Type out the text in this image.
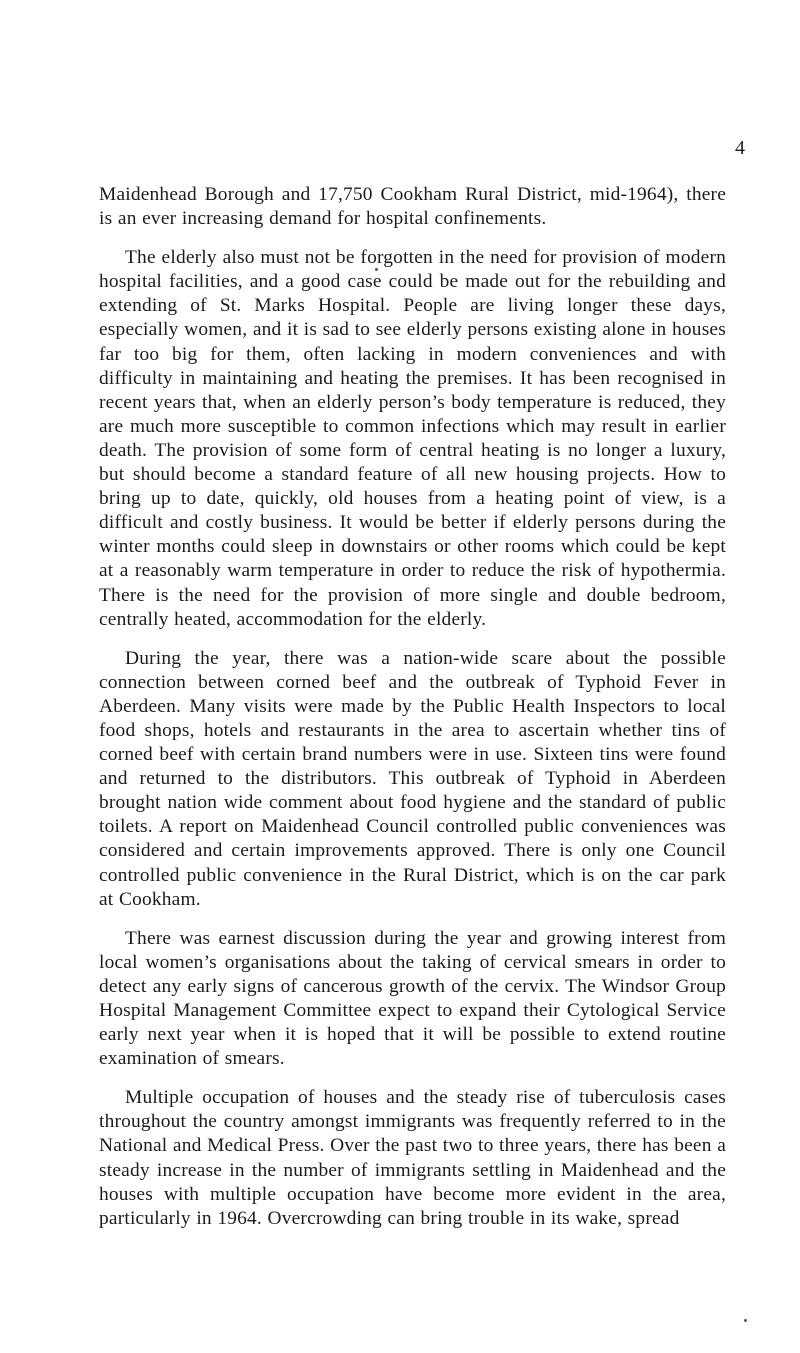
4

Maidenhead Borough and 17,750 Cookham Rural District, mid-1964), there is an ever increasing demand for hospital confinements.

The elderly also must not be forgotten in the need for provision of modern hospital facilities, and a good case could be made out for the rebuilding and extending of St. Marks Hospital. People are living longer these days, especially women, and it is sad to see elderly persons existing alone in houses far too big for them, often lacking in modern conveniences and with difficulty in maintaining and heating the premises. It has been recognised in recent years that, when an elderly person’s body temperature is reduced, they are much more susceptible to common infections which may result in earlier death. The provision of some form of central heating is no longer a luxury, but should become a standard feature of all new housing projects. How to bring up to date, quickly, old houses from a heating point of view, is a difficult and costly business. It would be better if elderly persons during the winter months could sleep in downstairs or other rooms which could be kept at a reasonably warm temperature in order to reduce the risk of hypothermia. There is the need for the provision of more single and double bedroom, centrally heated, accommodation for the elderly.

During the year, there was a nation-wide scare about the possible connection between corned beef and the outbreak of Typhoid Fever in Aberdeen. Many visits were made by the Public Health Inspectors to local food shops, hotels and restaurants in the area to ascertain whether tins of corned beef with certain brand numbers were in use. Sixteen tins were found and returned to the distributors. This outbreak of Typhoid in Aberdeen brought nation wide comment about food hygiene and the standard of public toilets. A report on Maidenhead Council controlled public conveniences was considered and certain improvements approved. There is only one Council controlled public convenience in the Rural District, which is on the car park at Cookham.

There was earnest discussion during the year and growing interest from local women’s organisations about the taking of cervical smears in order to detect any early signs of cancerous growth of the cervix. The Windsor Group Hospital Management Committee expect to expand their Cytological Service early next year when it is hoped that it will be possible to extend routine examination of smears.

Multiple occupation of houses and the steady rise of tuberculosis cases throughout the country amongst immigrants was frequently referred to in the National and Medical Press. Over the past two to three years, there has been a steady increase in the number of immigrants settling in Maidenhead and the houses with multiple occupation have become more evident in the area, particularly in 1964. Overcrowding can bring trouble in its wake, spread
